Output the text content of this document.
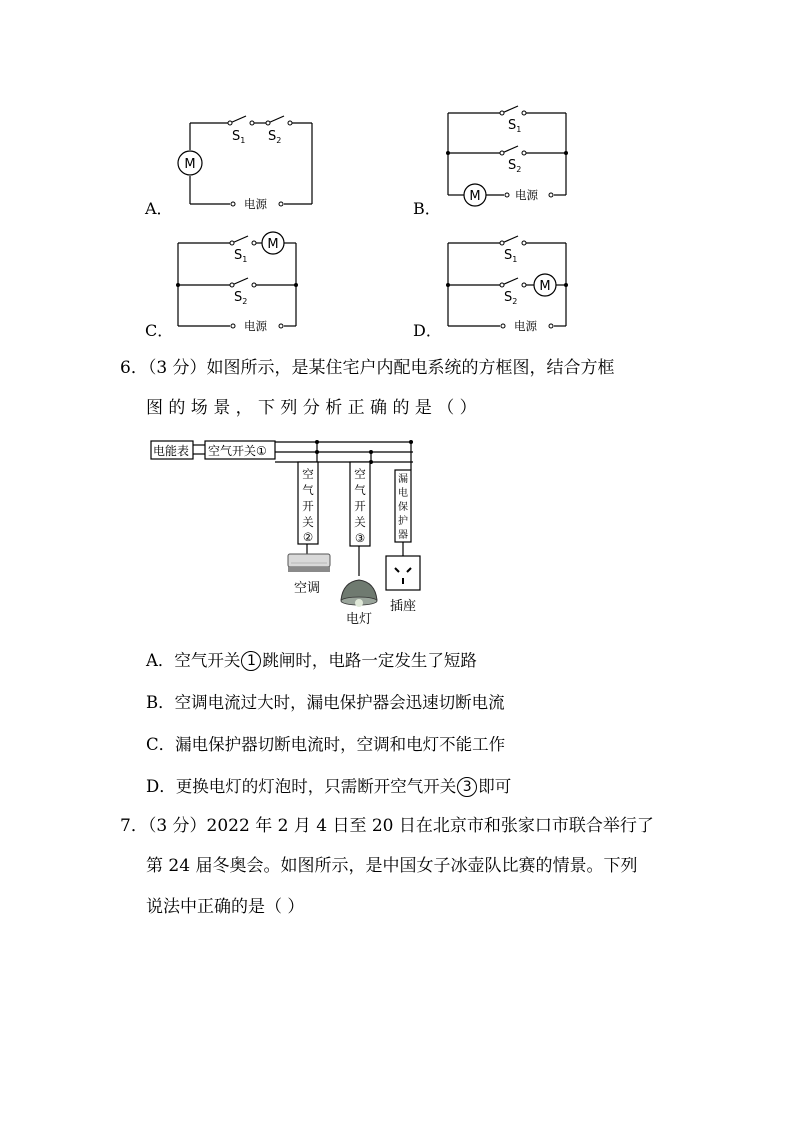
A．
M
$S_1$ $S_2$
电源	B．
M
$S_1$
$S_2$
电源
C．
M
$S_1$
$S_2$
电源	D．
M
$S_1$
$S_2$
电源
6．（3 分）如图所示，是某住宅户内配电系统的方框图，结合方框
图 的 场 景 ， 下 列 分 析 正 确 的 是 （ ）
电能表 空气开关①
空
气
开
关
②
空
气
开
关
③
漏
电
保
护
器
空调
电灯
插座
A．空气开关 1 跳闸时，电路一定发生了短路
B．空调电流过大时，漏电保护器会迅速切断电流
C．漏电保护器切断电流时，空调和电灯不能工作
D．更换电灯的灯泡时，只需断开空气开关 3 即可
7．（3 分）2022 年 2 月 4 日至 20 日在北京市和张家口市联合举行了
第 24 届冬奥会。如图所示，是中国女子冰壶队比赛的情景。下列
说法中正确的是（ ）
